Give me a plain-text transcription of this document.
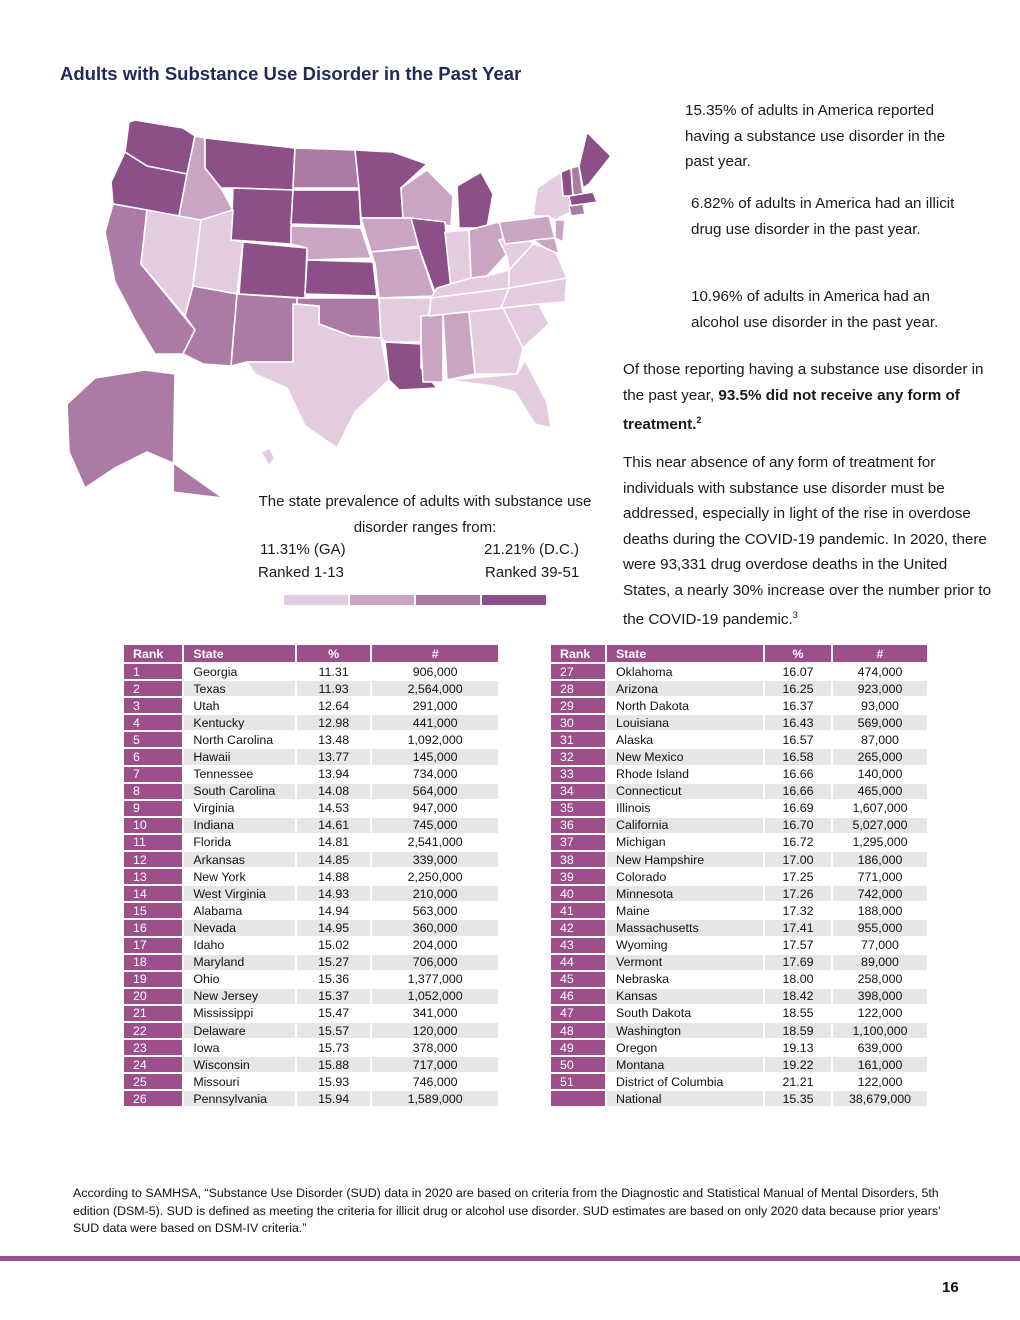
Adults with Substance Use Disorder in the Past Year
15.35% of adults in America reported having a substance use disorder in the past year.
6.82% of adults in America had an illicit drug use disorder in the past year.
10.96% of adults in America had an alcohol use disorder in the past year.
Of those reporting having a substance use disorder in the past year, 93.5% did not receive any form of treatment.$^2$
This near absence of any form of treatment for individuals with substance use disorder must be addressed, especially in light of the rise in overdose deaths during the COVID-19 pandemic. In 2020, there were 93,331 drug overdose deaths in the United States, a nearly 30% increase over the number prior to the COVID-19 pandemic.$^3$
The state prevalence of adults with substance use disorder ranges from:
11.31% (GA)	21.21% (D.C.)
Ranked 1-13	Ranked 39-51
Rank	State	%	#
1	Georgia	11.31	906,000
2	Texas	11.93	2,564,000
3	Utah	12.64	291,000
4	Kentucky	12.98	441,000
5	North Carolina	13.48	1,092,000
6	Hawaii	13.77	145,000
7	Tennessee	13.94	734,000
8	South Carolina	14.08	564,000
9	Virginia	14.53	947,000
10	Indiana	14.61	745,000
11	Florida	14.81	2,541,000
12	Arkansas	14.85	339,000
13	New York	14.88	2,250,000
14	West Virginia	14.93	210,000
15	Alabama	14.94	563,000
16	Nevada	14.95	360,000
17	Idaho	15.02	204,000
18	Maryland	15.27	706,000
19	Ohio	15.36	1,377,000
20	New Jersey	15.37	1,052,000
21	Mississippi	15.47	341,000
22	Delaware	15.57	120,000
23	Iowa	15.73	378,000
24	Wisconsin	15.88	717,000
25	Missouri	15.93	746,000
26	Pennsylvania	15.94	1,589,000
Rank	State	%	#
27	Oklahoma	16.07	474,000
28	Arizona	16.25	923,000
29	North Dakota	16.37	93,000
30	Louisiana	16.43	569,000
31	Alaska	16.57	87,000
32	New Mexico	16.58	265,000
33	Rhode Island	16.66	140,000
34	Connecticut	16.66	465,000
35	Illinois	16.69	1,607,000
36	California	16.70	5,027,000
37	Michigan	16.72	1,295,000
38	New Hampshire	17.00	186,000
39	Colorado	17.25	771,000
40	Minnesota	17.26	742,000
41	Maine	17.32	188,000
42	Massachusetts	17.41	955,000
43	Wyoming	17.57	77,000
44	Vermont	17.69	89,000
45	Nebraska	18.00	258,000
46	Kansas	18.42	398,000
47	South Dakota	18.55	122,000
48	Washington	18.59	1,100,000
49	Oregon	19.13	639,000
50	Montana	19.22	161,000
51	District of Columbia	21.21	122,000
	National	15.35	38,679,000
According to SAMHSA, “Substance Use Disorder (SUD) data in 2020 are based on criteria from the Diagnostic and Statistical Manual of Mental Disorders, 5th edition (DSM-5). SUD is defined as meeting the criteria for illicit drug or alcohol use disorder. SUD estimates are based on only 2020 data because prior years’ SUD data were based on DSM-IV criteria.”
16
